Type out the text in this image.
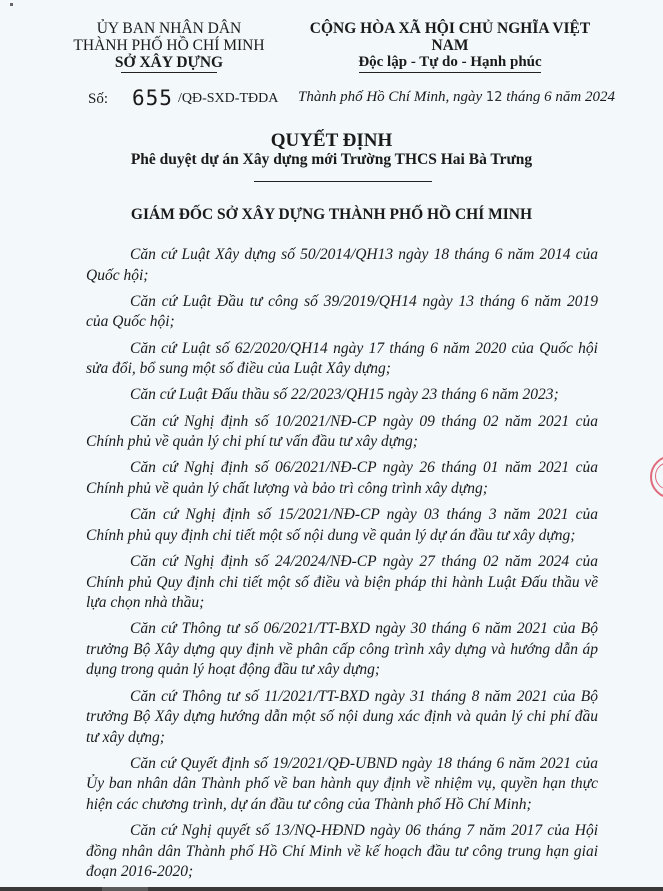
ỦY BAN NHÂN DÂN
THÀNH PHỐ HỒ CHÍ MINH
SỞ XÂY DỰNG
CỘNG HÒA XÃ HỘI CHỦ NGHĨA VIỆT NAM
Độc lập - Tự do - Hạnh phúc
Số: 655 /QĐ-SXD-TĐDA Thành phố Hồ Chí Minh, ngày 12 tháng 6 năm 2024
QUYẾT ĐỊNH
Phê duyệt dự án Xây dựng mới Trường THCS Hai Bà Trưng
GIÁM ĐỐC SỞ XÂY DỰNG THÀNH PHỐ HỒ CHÍ MINH

Căn cứ Luật Xây dựng số 50/2014/QH13 ngày 18 tháng 6 năm 2014 của Quốc hội;

Căn cứ Luật Đầu tư công số 39/2019/QH14 ngày 13 tháng 6 năm 2019 của Quốc hội;

Căn cứ Luật số 62/2020/QH14 ngày 17 tháng 6 năm 2020 của Quốc hội sửa đổi, bổ sung một số điều của Luật Xây dựng;

Căn cứ Luật Đấu thầu số 22/2023/QH15 ngày 23 tháng 6 năm 2023;

Căn cứ Nghị định số 10/2021/NĐ-CP ngày 09 tháng 02 năm 2021 của Chính phủ về quản lý chi phí tư vấn đầu tư xây dựng;

Căn cứ Nghị định số 06/2021/NĐ-CP ngày 26 tháng 01 năm 2021 của Chính phủ về quản lý chất lượng và bảo trì công trình xây dựng;

Căn cứ Nghị định số 15/2021/NĐ-CP ngày 03 tháng 3 năm 2021 của Chính phủ quy định chi tiết một số nội dung về quản lý dự án đầu tư xây dựng;

Căn cứ Nghị định số 24/2024/NĐ-CP ngày 27 tháng 02 năm 2024 của Chính phủ Quy định chi tiết một số điều và biện pháp thi hành Luật Đấu thầu về lựa chọn nhà thầu;

Căn cứ Thông tư số 06/2021/TT-BXD ngày 30 tháng 6 năm 2021 của Bộ trưởng Bộ Xây dựng quy định về phân cấp công trình xây dựng và hướng dẫn áp dụng trong quản lý hoạt động đầu tư xây dựng;

Căn cứ Thông tư số 11/2021/TT-BXD ngày 31 tháng 8 năm 2021 của Bộ trưởng Bộ Xây dựng hướng dẫn một số nội dung xác định và quản lý chi phí đầu tư xây dựng;

Căn cứ Quyết định số 19/2021/QĐ-UBND ngày 18 tháng 6 năm 2021 của Ủy ban nhân dân Thành phố về ban hành quy định về nhiệm vụ, quyền hạn thực hiện các chương trình, dự án đầu tư công của Thành phố Hồ Chí Minh;

Căn cứ Nghị quyết số 13/NQ-HĐND ngày 06 tháng 7 năm 2017 của Hội đồng nhân dân Thành phố Hồ Chí Minh về kế hoạch đầu tư công trung hạn giai đoạn 2016-2020;
